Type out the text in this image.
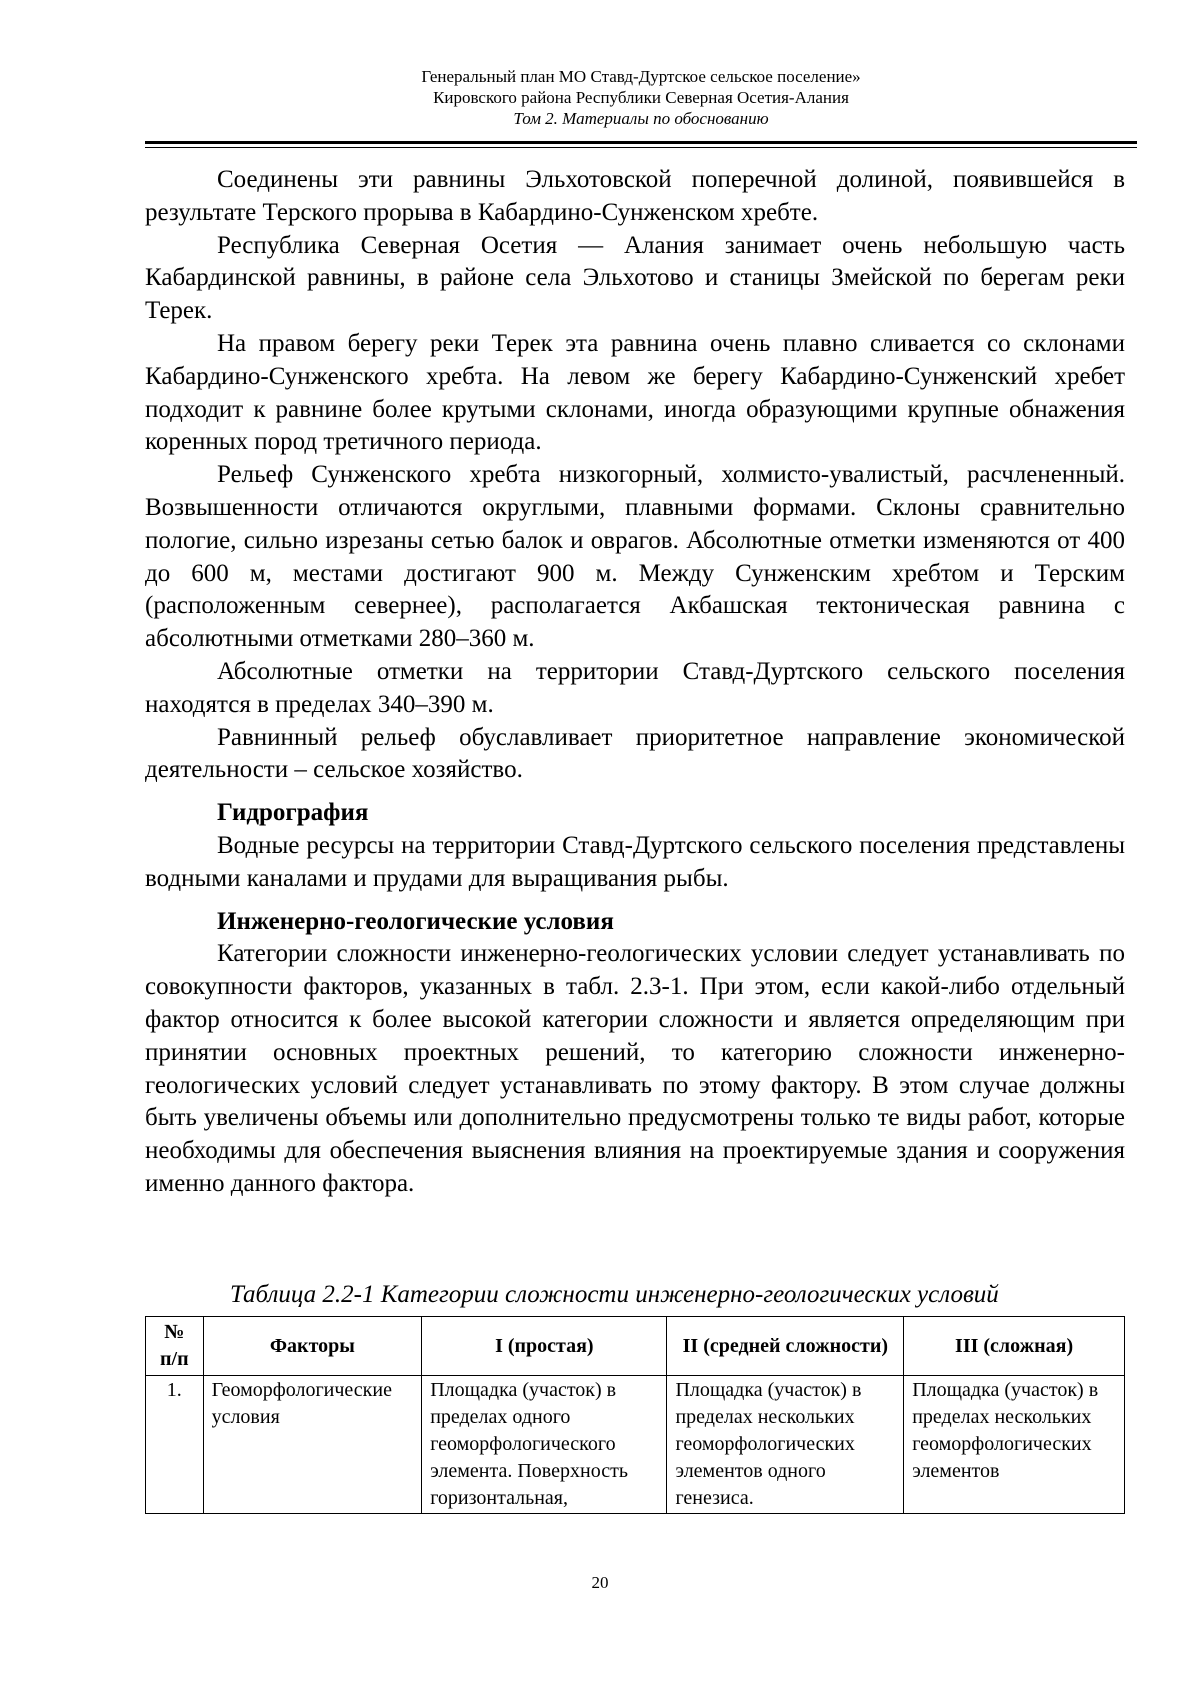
Генеральный план МО Ставд-Дуртское сельское поселение»
Кировского района Республики Северная Осетия-Алания
Том 2. Материалы по обоснованию

Соединены эти равнины Эльхотовской поперечной долиной, появившейся в результате Терского прорыва в Кабардино-Сунженском хребте.

Республика Северная Осетия — Алания занимает очень небольшую часть Кабардинской равнины, в районе села Эльхотово и станицы Змейской по берегам реки Терек.

На правом берегу реки Терек эта равнина очень плавно сливается со склонами Кабардино-Сунженского хребта. На левом же берегу Кабардино-Сунженский хребет подходит к равнине более крутыми склонами, иногда образующими крупные обнажения коренных пород третичного периода.

Рельеф Сунженского хребта низкогорный, холмисто-увалистый, расчлененный. Возвышенности отличаются округлыми, плавными формами. Склоны сравнительно пологие, сильно изрезаны сетью балок и оврагов. Абсолютные отметки изменяются от 400 до 600 м, местами достигают 900 м. Между Сунженским хребтом и Терским (расположенным севернее), располагается Акбашская тектоническая равнина с абсолютными отметками 280–360 м.

Абсолютные отметки на территории Ставд-Дуртского сельского поселения находятся в пределах 340–390 м.

Равнинный рельеф обуславливает приоритетное направление экономической деятельности – сельское хозяйство.

Гидрография

Водные ресурсы на территории Ставд-Дуртского сельского поселения представлены водными каналами и прудами для выращивания рыбы.

Инженерно-геологические условия

Категории сложности инженерно-геологических условии следует устанавливать по совокупности факторов, указанных в табл. 2.3-1. При этом, если какой-либо отдельный фактор относится к более высокой категории сложности и является определяющим при принятии основных проектных решений, то категорию сложности инженерно-геологических условий следует устанавливать по этому фактору. В этом случае должны быть увеличены объемы или дополнительно предусмотрены только те виды работ, которые необходимы для обеспечения выяснения влияния на проектируемые здания и сооружения именно данного фактора.

Таблица 2.2-1 Категории сложности инженерно-геологических условий
№ п/п	Факторы	I (простая)	II (средней сложности)	III (сложная)
1.	Геоморфологические условия	Площадка (участок) в пределах одного геоморфологического элемента. Поверхность горизонтальная,	Площадка (участок) в пределах нескольких геоморфологических элементов одного генезиса.	Площадка (участок) в пределах нескольких геоморфологических элементов
20
